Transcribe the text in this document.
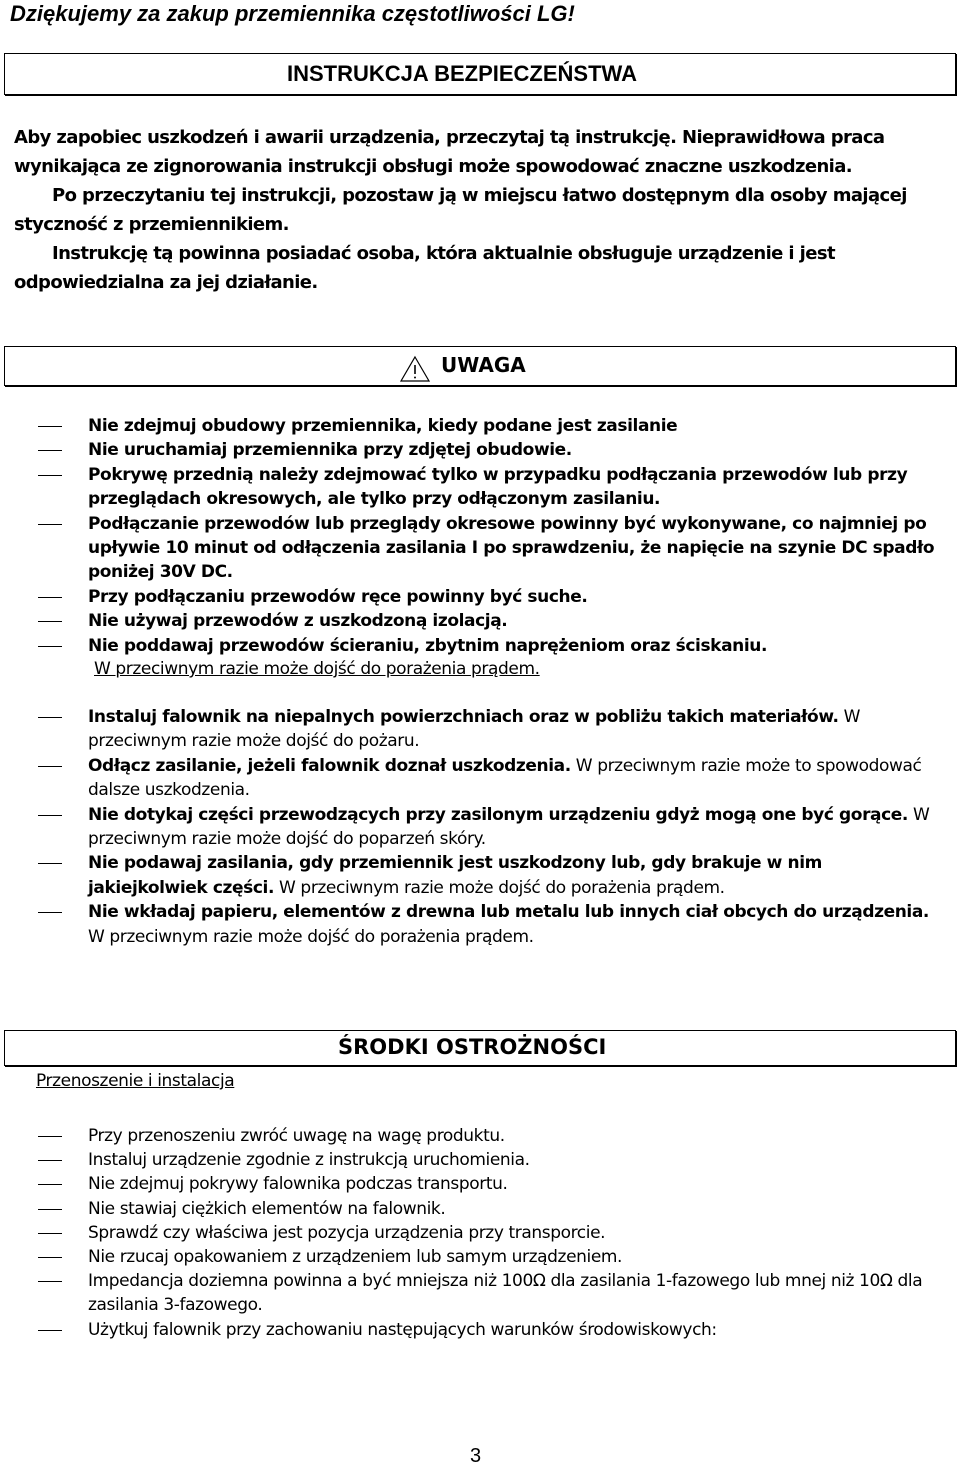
Dziękujemy za zakup przemiennika częstotliwości LG!
INSTRUKCJA BEZPIECZEŃSTWA

Aby zapobiec uszkodzeń i awarii urządzenia, przeczytaj tą instrukcję. Nieprawidłowa praca wynikająca ze zignorowania instrukcji obsługi może spowodować znaczne uszkodzenia.

Po przeczytaniu tej instrukcji, pozostaw ją w miejscu łatwo dostępnym dla osoby mającej styczność z przemiennikiem.

Instrukcję tą powinna posiadać osoba, która aktualnie obsługuje urządzenie i jest odpowiedzialna za jej działanie.

UWAGA
Nie zdejmuj obudowy przemiennika, kiedy podane jest zasilanie
Nie uruchamiaj przemiennika przy zdjętej obudowie.
Pokrywę przednią należy zdejmować tylko w przypadku podłączania przewodów lub przy przeglądach okresowych, ale tylko przy odłączonym zasilaniu.
Podłączanie przewodów lub przeglądy okresowe powinny być wykonywane, co najmniej po upływie 10 minut od odłączenia zasilania I po sprawdzeniu, że napięcie na szynie DC spadło poniżej 30V DC.
Przy podłączaniu przewodów ręce powinny być suche.
Nie używaj przewodów z uszkodzoną izolacją.
Nie poddawaj przewodów ścieraniu, zbytnim naprężeniom oraz ściskaniu.
W przeciwnym razie może dojść do porażenia prądem.
Instaluj falownik na niepalnych powierzchniach oraz w pobliżu takich materiałów. W przeciwnym razie może dojść do pożaru.
Odłącz zasilanie, jeżeli falownik doznał uszkodzenia. W przeciwnym razie może to spowodować dalsze uszkodzenia.
Nie dotykaj części przewodzących przy zasilonym urządzeniu gdyż mogą one być gorące. W przeciwnym razie może dojść do poparzeń skóry.
Nie podawaj zasilania, gdy przemiennik jest uszkodzony lub, gdy brakuje w nim jakiejkolwiek części. W przeciwnym razie może dojść do porażenia prądem.
Nie wkładaj papieru, elementów z drewna lub metalu lub innych ciał obcych do urządzenia. W przeciwnym razie może dojść do porażenia prądem.
ŚRODKI OSTROŻNOŚCI
Przenoszenie i instalacja
Przy przenoszeniu zwróć uwagę na wagę produktu.
Instaluj urządzenie zgodnie z instrukcją uruchomienia.
Nie zdejmuj pokrywy falownika podczas transportu.
Nie stawiaj ciężkich elementów na falownik.
Sprawdź czy właściwa jest pozycja urządzenia przy transporcie.
Nie rzucaj opakowaniem z urządzeniem lub samym urządzeniem.
Impedancja doziemna powinna a być mniejsza niż 100Ω dla zasilania 1-fazowego lub mnej niż 10Ω dla zasilania 3-fazowego.
Użytkuj falownik przy zachowaniu następujących warunków środowiskowych:
3
